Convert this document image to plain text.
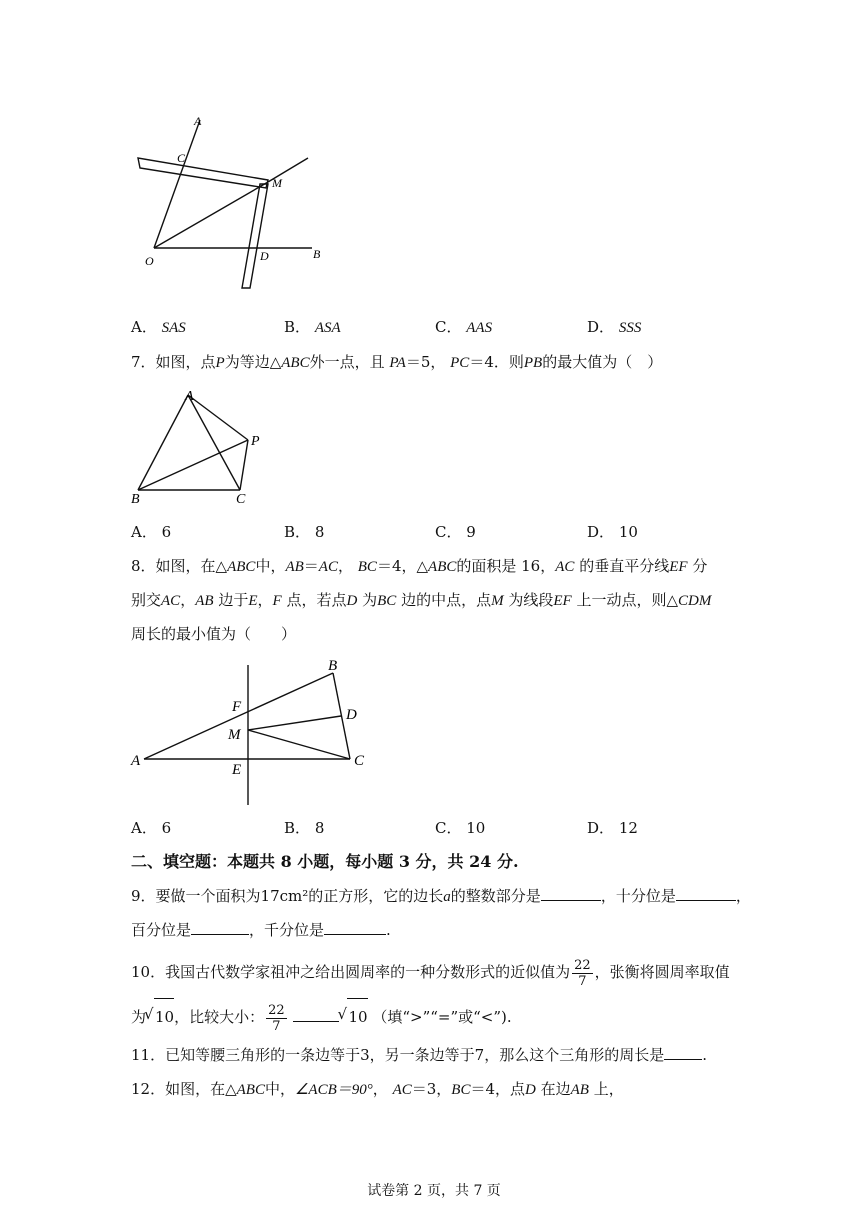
A
C
M
O	D	B
A． SAS	B． ASA	C． AAS	D． SSS
7．如图，点P为等边△ABC外一点，且 PA＝5， PC＝4．则PB的最大值为（　）
A
P
B	C
A． 6	B． 8	C． 9	D． 10
8．如图，在△ABC中，AB＝AC， BC＝4，△ABC的面积是 16，AC 的垂直平分线EF 分
别交AC，AB 边于E，F 点，若点D 为BC 边的中点，点M 为线段EF 上一动点，则△CDM
周长的最小值为（　　）
B
F	D
M
A
E
C
A． 6	B． 8	C． 10	D． 12
二、填空题：本题共 8 小题，每小题 3 分，共 24 分.
9．要做一个面积为17cm²的正方形，它的边长a的整数部分是	，十分位是	，
百分位是	，千分位是	.
10．我国古代数学家祖冲之给出圆周率的一种分数形式的近似值为 $\frac{22}{7}$ ，张衡将圆周率取值
为 √ 10，比较大小： $\frac{22}{7}$	√ 10 （填“>”“=”或“<”).
11．已知等腰三角形的一条边等于3，另一条边等于7，那么这个三角形的周长是	.
12．如图，在△ABC中，∠ACB＝90°， AC＝3，BC＝4，点D 在边AB 上，
试卷第 2 页，共 7 页
